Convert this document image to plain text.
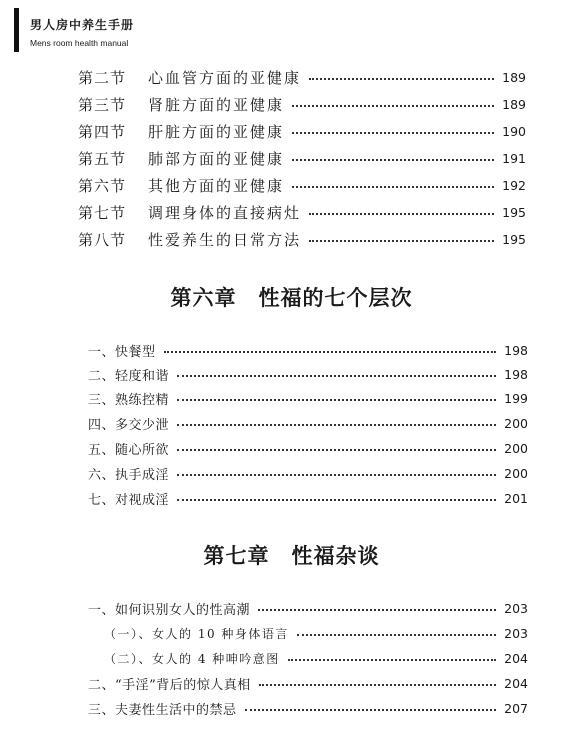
男人房中养生手册
Mens room health manual
第二节	心血管方面的亚健康	189
第三节	肾脏方面的亚健康	189
第四节	肝脏方面的亚健康	190
第五节	肺部方面的亚健康	191
第六节	其他方面的亚健康	192
第七节	调理身体的直接病灶	195
第八节	性爱养生的日常方法	195
第六章 性福的七个层次
一、快餐型	198
二、轻度和谐	198
三、熟练控精	199
四、多交少泄	200
五、随心所欲	200
六、执手成淫	200
七、对视成淫	201
第七章 性福杂谈
一、如何识别女人的性高潮	203
（一）、女人的 10 种身体语言	203
（二）、女人的 4 种呻吟意图	204
二、“手淫”背后的惊人真相	204
三、夫妻性生活中的禁忌	207
